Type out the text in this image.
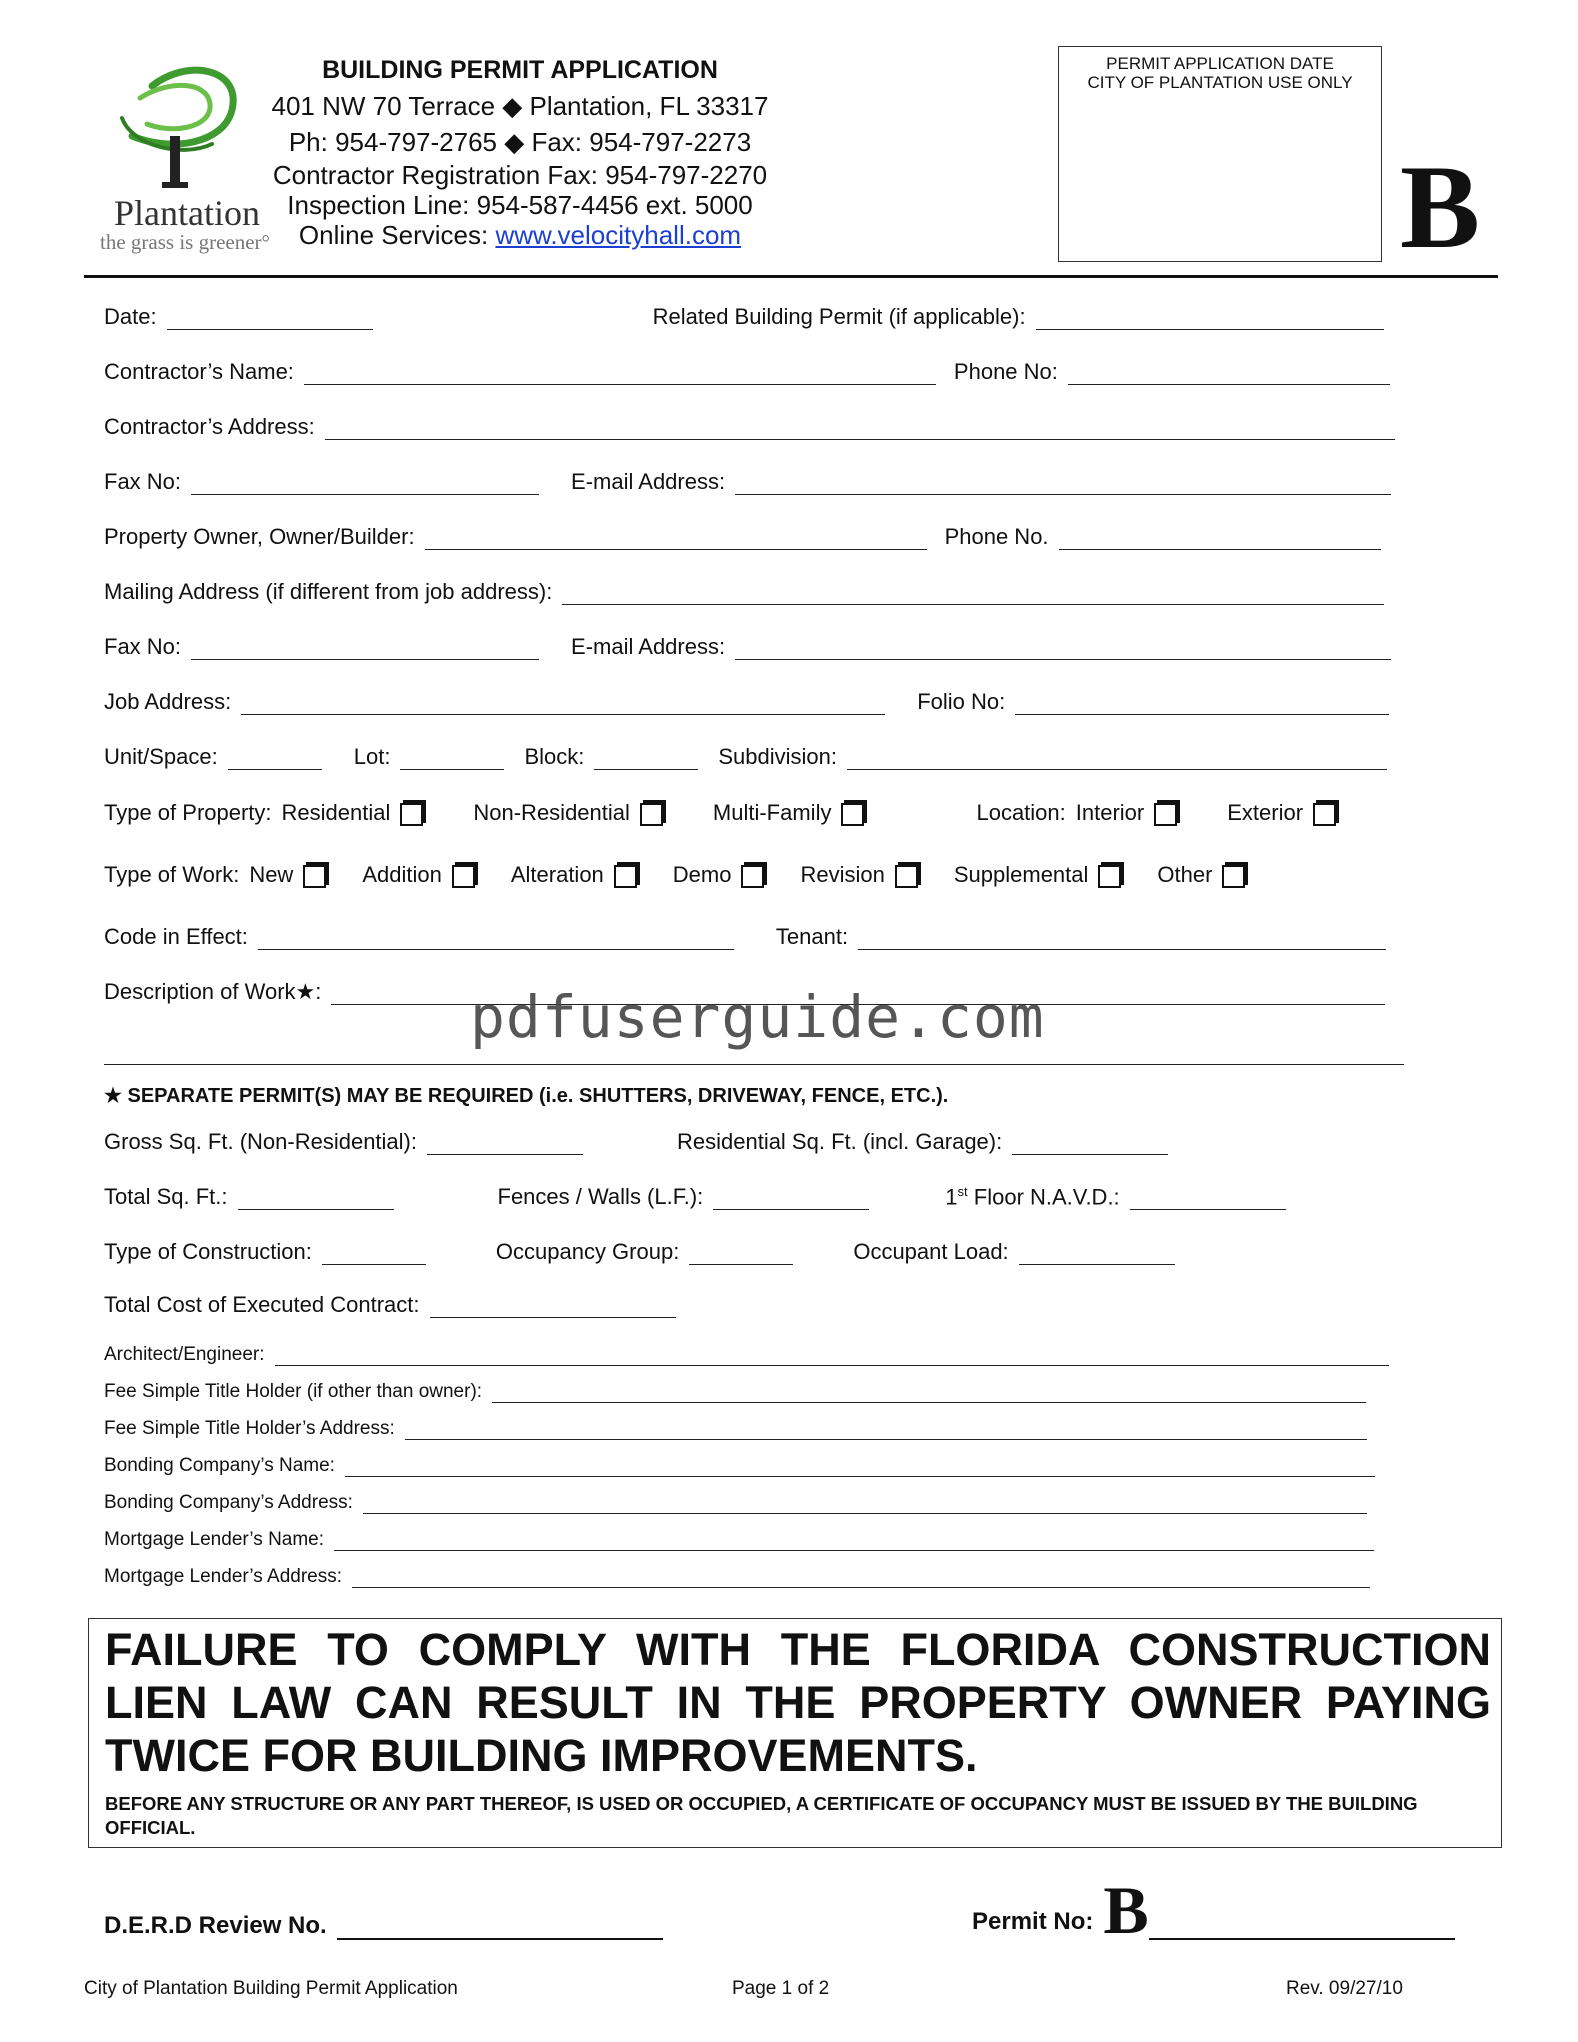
Plantation
the grass is greener°
BUILDING PERMIT APPLICATION
401 NW 70 Terrace ◆ Plantation, FL 33317
Ph: 954-797-2765 ◆ Fax: 954-797-2273
Contractor Registration Fax: 954-797-2270
Inspection Line: 954-587-4456 ext. 5000
Online Services: www.velocityhall.com
PERMIT APPLICATION DATE
CITY OF PLANTATION USE ONLY
B
Date:	Related Building Permit (if applicable):
Contractor’s Name:	Phone No:
Contractor’s Address:
Fax No:	E-mail Address:
Property Owner, Owner/Builder:	Phone No.
Mailing Address (if different from job address):
Fax No:	E-mail Address:
Job Address:	Folio No:
Unit/Space:	Lot:	Block:	Subdivision:
Type of Property: Residential	Non-Residential	Multi-Family	Location: Interior	Exterior
Type of Work: New	Addition	Alteration	Demo	Revision	Supplemental	Other
Code in Effect:	Tenant:
Description of Work★:	pdfuserguide.com
★ SEPARATE PERMIT(S) MAY BE REQUIRED (i.e. SHUTTERS, DRIVEWAY, FENCE, ETC.).
Gross Sq. Ft. (Non-Residential):	Residential Sq. Ft. (incl. Garage):
Total Sq. Ft.:	Fences / Walls (L.F.):	1st Floor N.A.V.D.:
Type of Construction:	Occupancy Group:	Occupant Load:
Total Cost of Executed Contract:
Architect/Engineer:
Fee Simple Title Holder (if other than owner):
Fee Simple Title Holder’s Address:
Bonding Company’s Name:
Bonding Company’s Address:
Mortgage Lender’s Name:
Mortgage Lender’s Address:
FAILURE TO COMPLY WITH THE FLORIDA CONSTRUCTION LIEN LAW CAN RESULT IN THE PROPERTY OWNER PAYING TWICE FOR BUILDING IMPROVEMENTS.
BEFORE ANY STRUCTURE OR ANY PART THEREOF, IS USED OR OCCUPIED, A CERTIFICATE OF OCCUPANCY MUST BE ISSUED BY THE BUILDING OFFICIAL.
D.E.R.D Review No.	Permit No: B
City of Plantation Building Permit Application	Page 1 of 2	Rev. 09/27/10
